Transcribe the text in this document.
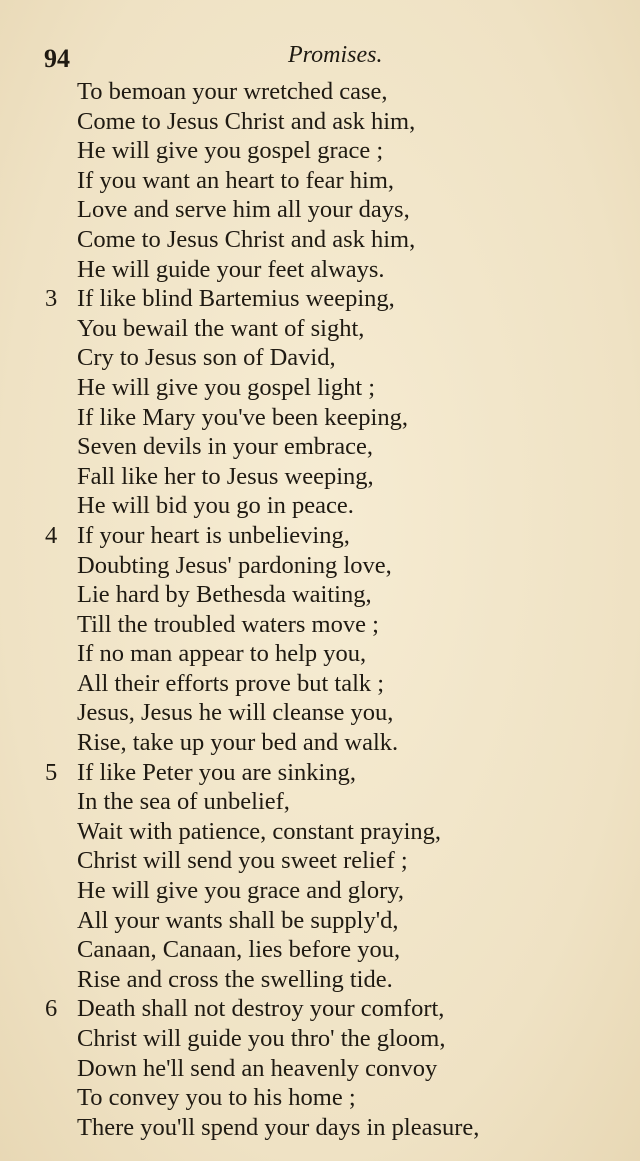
94	Promises.
To bemoan your wretched case,
Come to Jesus Christ and ask him,
He will give you gospel grace ;
If you want an heart to fear him,
Love and serve him all your days,
Come to Jesus Christ and ask him,
He will guide your feet always.
3 If like blind Bartemius weeping,
You bewail the want of sight,
Cry to Jesus son of David,
He will give you gospel light ;
If like Mary you've been keeping,
Seven devils in your embrace,
Fall like her to Jesus weeping,
He will bid you go in peace.
4 If your heart is unbelieving,
Doubting Jesus' pardoning love,
Lie hard by Bethesda waiting,
Till the troubled waters move ;
If no man appear to help you,
All their efforts prove but talk ;
Jesus, Jesus he will cleanse you,
Rise, take up your bed and walk.
5 If like Peter you are sinking,
In the sea of unbelief,
Wait with patience, constant praying,
Christ will send you sweet relief ;
He will give you grace and glory,
All your wants shall be supply'd,
Canaan, Canaan, lies before you,
Rise and cross the swelling tide.
6 Death shall not destroy your comfort,
Christ will guide you thro' the gloom,
Down he'll send an heavenly convoy
To convey you to his home ;
There you'll spend your days in pleasure,
